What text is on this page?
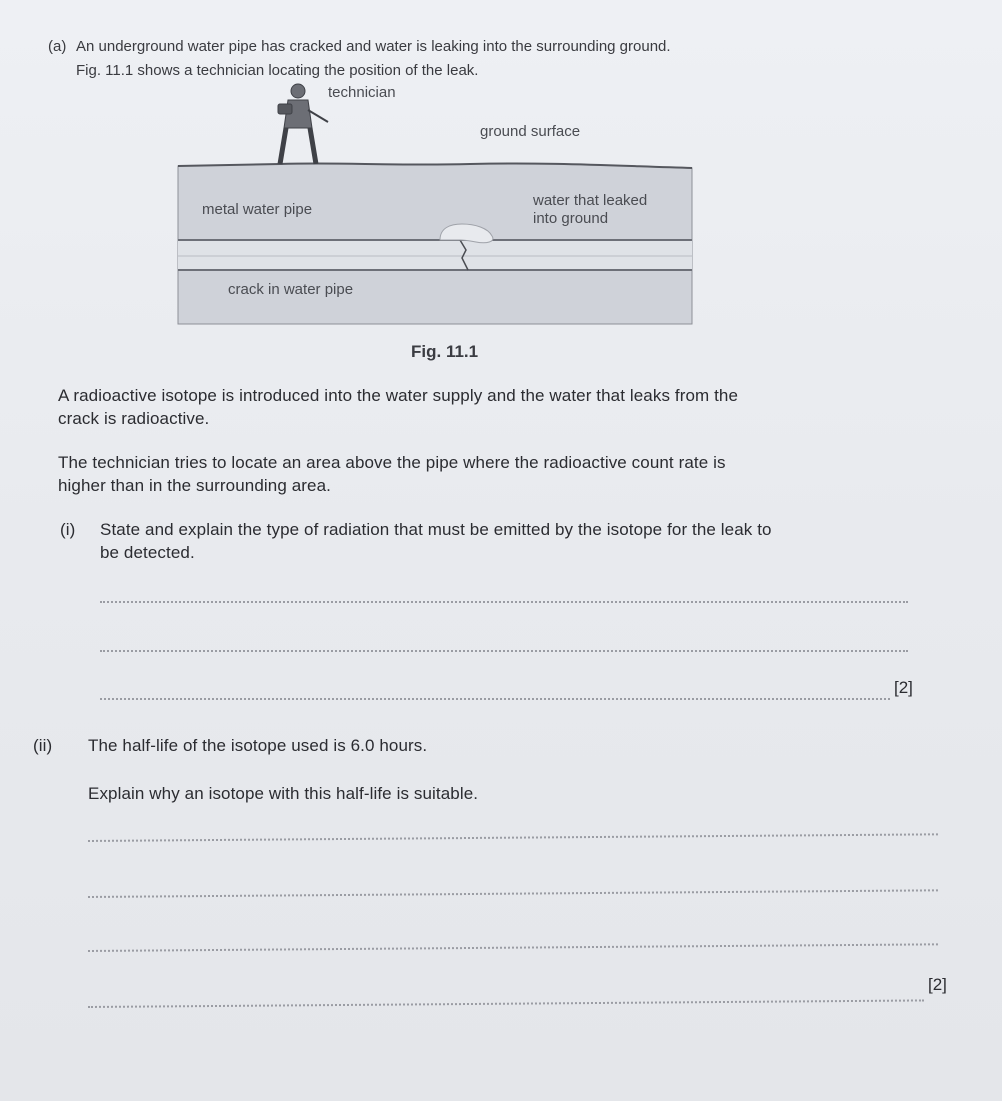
(a) An underground water pipe has cracked and water is leaking into the surrounding ground.
Fig. 11.1 shows a technician locating the position of the leak.
technician
ground surface
metal water pipe
water that leaked
into ground
crack in water pipe
Fig. 11.1
A radioactive isotope is introduced into the water supply and the water that leaks from the
crack is radioactive.
The technician tries to locate an area above the pipe where the radioactive count rate is
higher than in the surrounding area.
(i) State and explain the type of radiation that must be emitted by the isotope for the leak to
be detected.
[2]
(ii) The half-life of the isotope used is 6.0 hours.
Explain why an isotope with this half-life is suitable.
[2]
